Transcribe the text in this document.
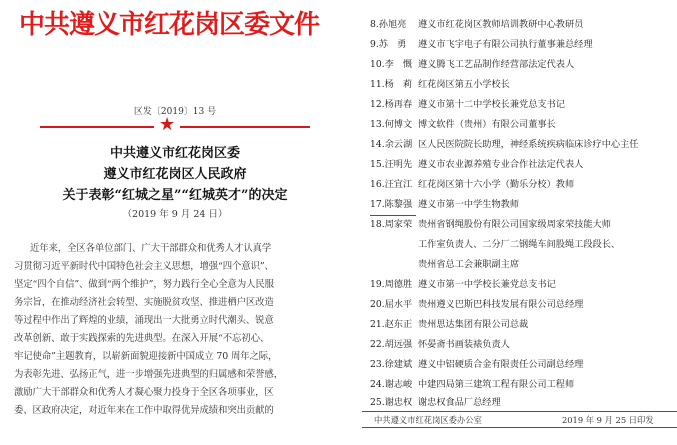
中共遵义市红花岗区委文件
区发〔2019〕13 号
★
中共遵义市红花岗区委
遵义市红花岗区人民政府
关于表彰“红城之星”“红城英才”的决定
（2019 年 9 月 24 日）
近年来，全区各单位部门、广大干部群众和优秀人才认真学
习贯彻习近平新时代中国特色社会主义思想，增强“四个意识”、
坚定“四个自信”、做到“两个维护”，努力践行全心全意为人民服
务宗旨，在推动经济社会转型、实施脱贫攻坚、推进栖户区改造
等过程中作出了辉煌的业绩，涌现出一大批勇立时代潮头、锐意
改革创新、敢于实践探索的先进典型。在深入开展“不忘初心、
牢记使命”主题教育，以崭新面貌迎接新中国成立 70 周年之际，
为表彰先进、弘扬正气，进一步增强先进典型的归属感和荣誉感，
激励广大干部群众和优秀人才凝心聚力投身于全区各项事业，区
委、区政府决定，对近年来在工作中取得优异成绩和突出贡献的
8.孙旭亮	遵义市红花岗区教师培训教研中心教研员
9.苏　勇	遵义市飞宇电子有限公司执行董事兼总经理
10.李　慨 遵义腾飞工艺品制作经营部法定代表人
11.杨　莉 红花岗区第五小学校长
12.杨再春 遵义市第十二中学校长兼党总支书记
13.何博文 博文软件（贵州）有限公司董事长
14.余云湖 区人民医院院长助理，神经系统疾病临床诊疗中心主任
15.汪明先 遵义市农业源养殖专业合作社法定代表人
16.汪宜江 红花岗区第十六小学（勤乐分校）教师
17.陈黎强 遵义市第一中学生物教师
18.周家荣 贵州省钢绳股份有限公司国家级周家荣技能大师
工作室负责人、二分厂二钢绳车间股绳工段段长、
贵州省总工会兼职副主席
19.周德胜 遵义市第一中学校长兼党总支书记
20.屈水平 贵州遵义巴斯巴科技发展有限公司总经理
21.赵东正 贵州思达集团有限公司总裁
22.胡远强 怀晏斋书画装裱负责人
23.徐建斌 遵义中铝硬质合金有限责任公司副总经理
24.谢志峻 中建四局第三建筑工程有限公司工程师
25.谢忠权 谢忠权食品厂总经理
中共遵义市红花岗区委办公室	2019 年 9 月 25 日印发
